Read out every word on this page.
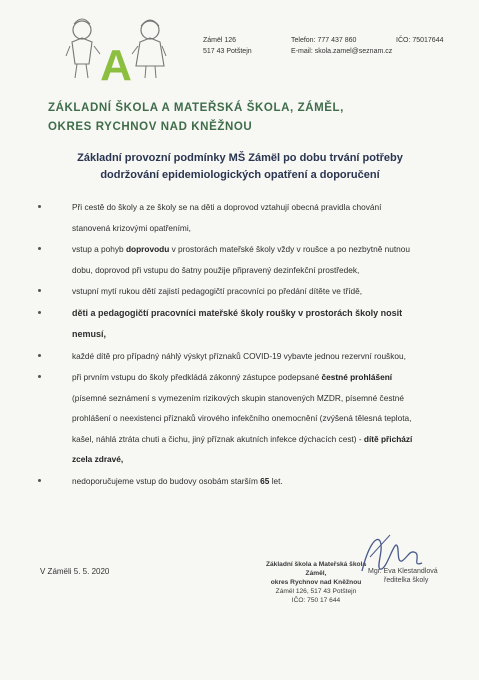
A
Zámël 126
517 43 Potštejn
Telefon: 777 437 860
E-mail: skola.zamel@seznam.cz
IČO: 75017644
ZÁKLADNÍ ŠKOLA A MATEŘSKÁ ŠKOLA, ZÁMĚL,
OKRES RYCHNOV NAD KNĚŽNOU
Základní provozní podmínky MŠ Zámël po dobu trvání potřeby
dodržování epidemiologických opatření a doporučení
Při cestě do školy a ze školy se na děti a doprovod vztahují obecná pravidla chování
stanovená krizovými opatřeními,
vstup a pohyb doprovodu v prostorách mateřské školy vždy v roušce a po nezbytně nutnou
dobu, doprovod při vstupu do šatny použije připravený dezinfekční prostředek,
vstupní mytí rukou dětí zajistí pedagogičtí pracovníci po předání dítěte ve třídě,
děti a pedagogičtí pracovníci mateřské školy roušky v prostorách školy nosit
nemusí,
každé dítě pro případný náhlý výskyt příznaků COVID-19 vybavte jednou rezervní rouškou,
při prvním vstupu do školy předkládá zákonný zástupce podepsané čestné prohlášení
(písemné seznámení s vymezením rizikových skupin stanovených MZDR, písemné čestné
prohlášení o neexistenci příznaků virového infekčního onemocnění (zvýšená tělesná teplota,
kašel, náhlá ztráta chuti a čichu, jiný příznak akutních infekce dýchacích cest) - dítě přichází
zcela zdravé,
nedoporučujeme vstup do budovy osobám starším 65 let.
V Zámëli 5. 5. 2020
Základní škola a Mateřská škola
Zámël,
okres Rychnov nad Kněžnou
Zámël 126, 517 43 Potštejn
IČO: 750 17 644
Mgr. Eva Klestandlová
ředitelka školy
